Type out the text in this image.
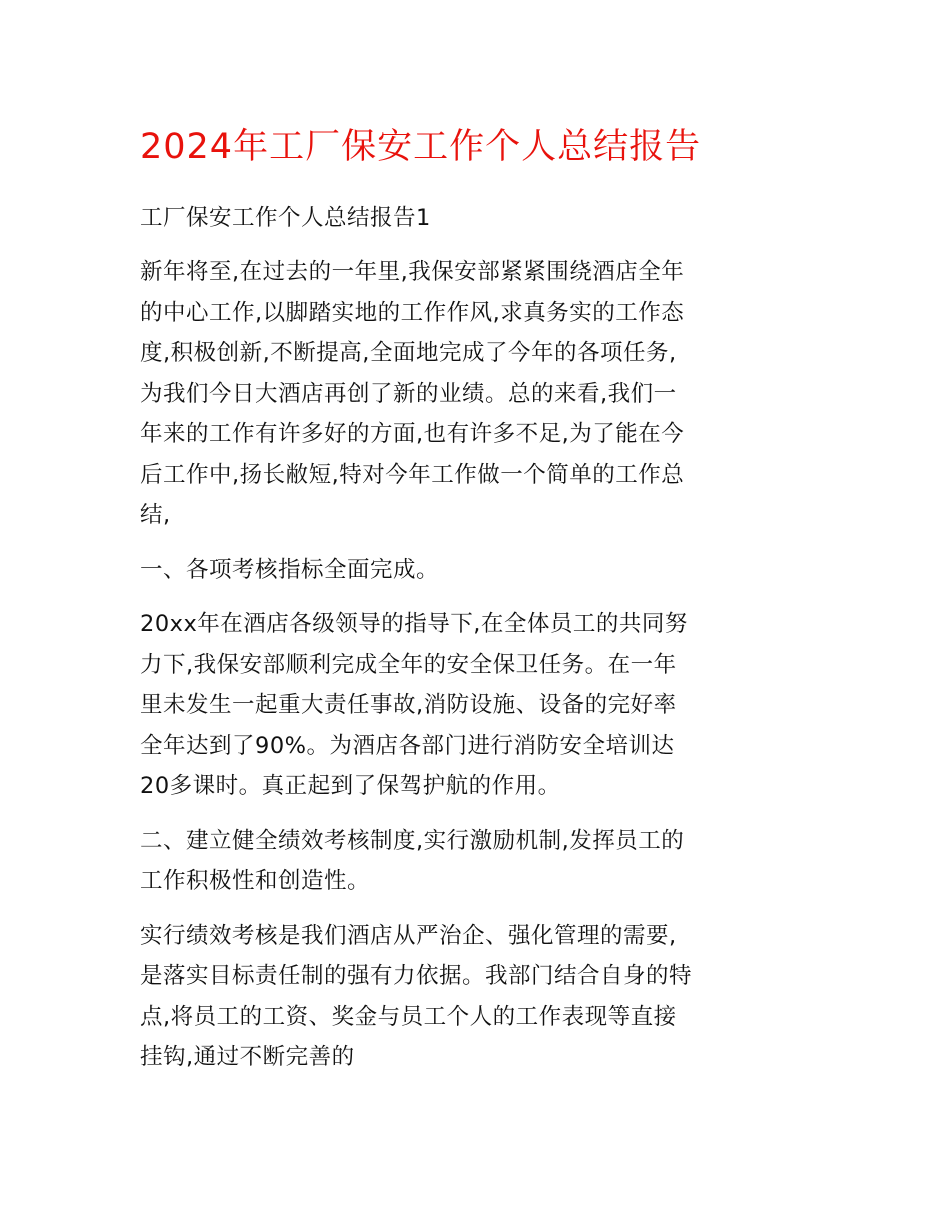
2024年工厂保安工作个人总结报告
工厂保安工作个人总结报告1

新年将至,在过去的一年里,我保安部紧紧围绕酒店全年
的中心工作,以脚踏实地的工作作风,求真务实的工作态
度,积极创新,不断提高,全面地完成了今年的各项任务,
为我们今日大酒店再创了新的业绩。总的来看,我们一
年来的工作有许多好的方面,也有许多不足,为了能在今
后工作中,扬长敝短,特对今年工作做一个简单的工作总
结,

一、各项考核指标全面完成。

20xx年在酒店各级领导的指导下,在全体员工的共同努
力下,我保安部顺利完成全年的安全保卫任务。在一年
里未发生一起重大责任事故,消防设施、设备的完好率
全年达到了90%。为酒店各部门进行消防安全培训达
20多课时。真正起到了保驾护航的作用。

二、建立健全绩效考核制度,实行激励机制,发挥员工的
工作积极性和创造性。

实行绩效考核是我们酒店从严治企、强化管理的需要,
是落实目标责任制的强有力依据。我部门结合自身的特
点,将员工的工资、奖金与员工个人的工作表现等直接
挂钩,通过不断完善的
